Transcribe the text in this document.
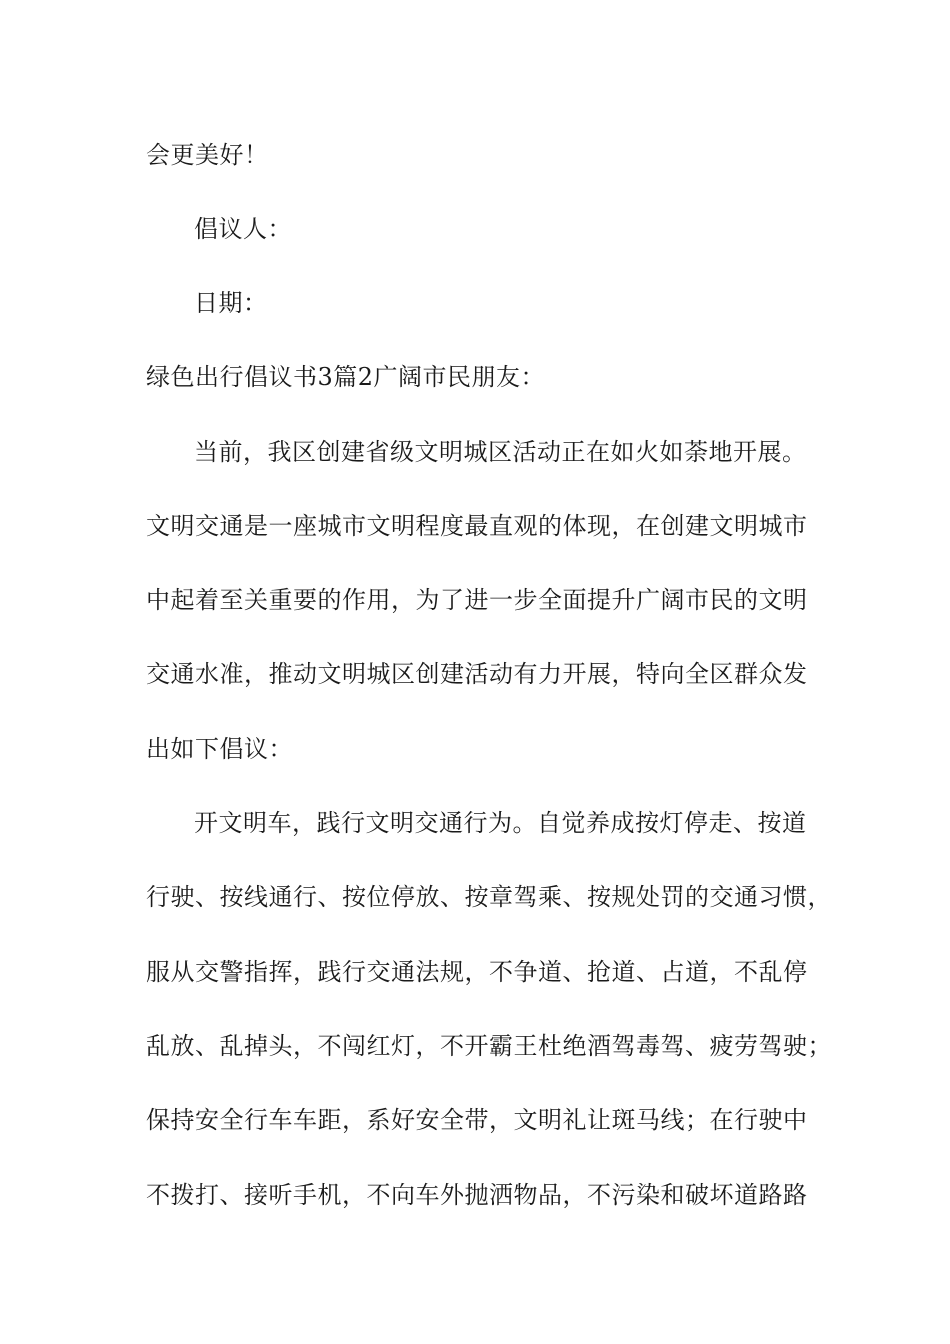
会更美好！

倡议人：

日期：

绿色出行倡议书3篇2广阔市民朋友：

当前，我区创建省级文明城区活动正在如火如荼地开展。

文明交通是一座城市文明程度最直观的体现，在创建文明城市

中起着至关重要的作用，为了进一步全面提升广阔市民的文明

交通水准，推动文明城区创建活动有力开展，特向全区群众发

出如下倡议：

开文明车，践行文明交通行为。自觉养成按灯停走、按道

行驶、按线通行、按位停放、按章驾乘、按规处罚的交通习惯，

服从交警指挥，践行交通法规，不争道、抢道、占道，不乱停

乱放、乱掉头，不闯红灯，不开霸王杜绝酒驾毒驾、疲劳驾驶；

保持安全行车车距，系好安全带，文明礼让斑马线；在行驶中

不拨打、接听手机，不向车外抛洒物品，不污染和破坏道路路
